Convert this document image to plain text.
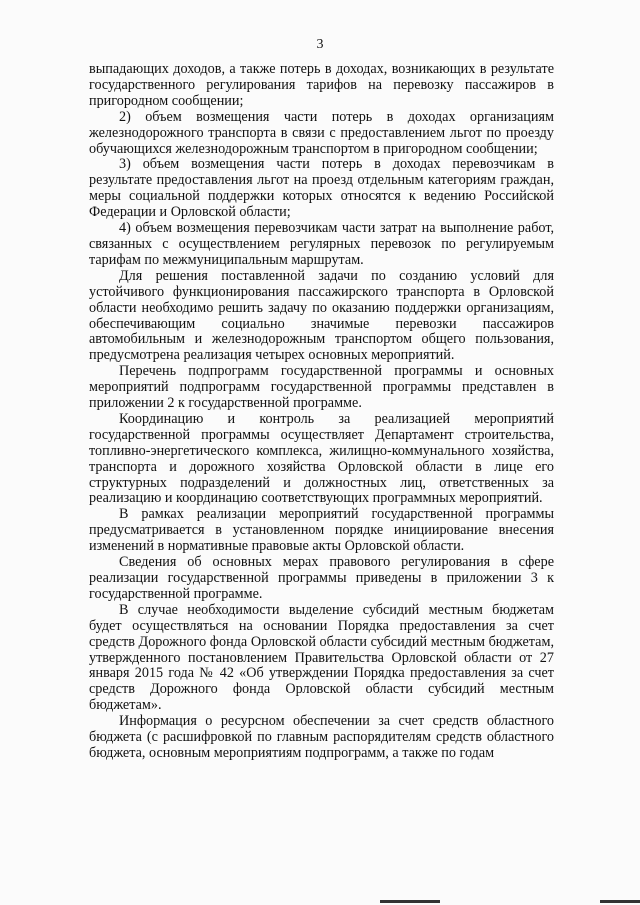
3

выпадающих доходов, а также потерь в доходах, возникающих в результате государственного регулирования тарифов на перевозку пассажиров в пригородном сообщении;

2) объем возмещения части потерь в доходах организациям железнодорожного транспорта в связи с предоставлением льгот по проезду обучающихся железнодорожным транспортом в пригородном сообщении;

3) объем возмещения части потерь в доходах перевозчикам в результате предоставления льгот на проезд отдельным категориям граждан, меры социальной поддержки которых относятся к ведению Российской Федерации и Орловской области;

4) объем возмещения перевозчикам части затрат на выполнение работ, связанных с осуществлением регулярных перевозок по регулируемым тарифам по межмуниципальным маршрутам.

Для решения поставленной задачи по созданию условий для устойчивого функционирования пассажирского транспорта в Орловской области необходимо решить задачу по оказанию поддержки организациям, обеспечивающим социально значимые перевозки пассажиров автомобильным и железнодорожным транспортом общего пользования, предусмотрена реализация четырех основных мероприятий.

Перечень подпрограмм государственной программы и основных мероприятий подпрограмм государственной программы представлен в приложении 2 к государственной программе.

Координацию и контроль за реализацией мероприятий государственной программы осуществляет Департамент строительства, топливно-энергетического комплекса, жилищно-коммунального хозяйства, транспорта и дорожного хозяйства Орловской области в лице его структурных подразделений и должностных лиц, ответственных за реализацию и координацию соответствующих программных мероприятий.

В рамках реализации мероприятий государственной программы предусматривается в установленном порядке инициирование внесения изменений в нормативные правовые акты Орловской области.

Сведения об основных мерах правового регулирования в сфере реализации государственной программы приведены в приложении 3 к государственной программе.

В случае необходимости выделение субсидий местным бюджетам будет осуществляться на основании Порядка предоставления за счет средств Дорожного фонда Орловской области субсидий местным бюджетам, утвержденного постановлением Правительства Орловской области от 27 января 2015 года № 42 «Об утверждении Порядка предоставления за счет средств Дорожного фонда Орловской области субсидий местным бюджетам».

Информация о ресурсном обеспечении за счет средств областного бюджета (с расшифровкой по главным распорядителям средств областного бюджета, основным мероприятиям подпрограмм, а также по годам
